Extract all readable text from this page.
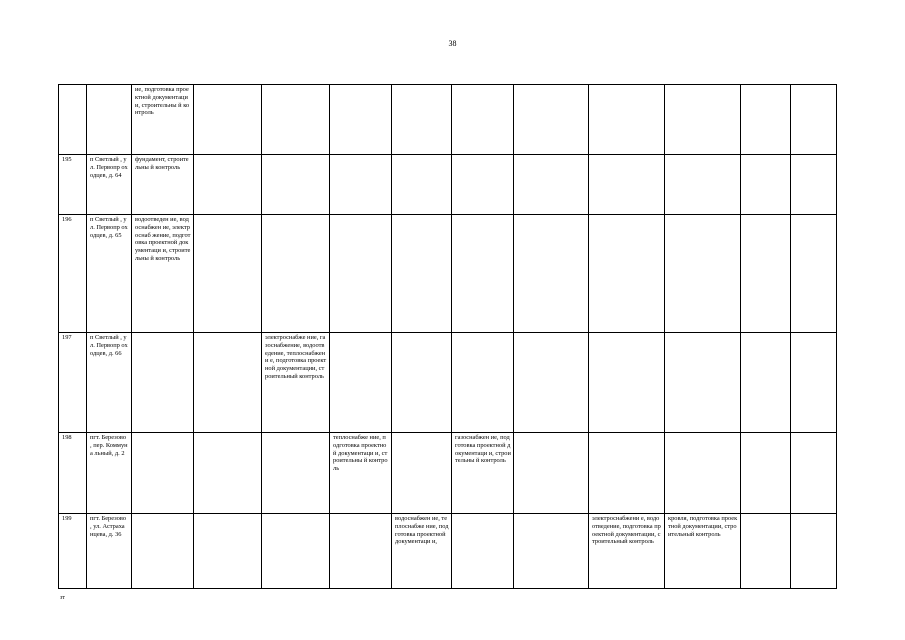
38
		ие, подготовка проектной документаци и, строительны й контроль										
195	п Светлый , ул. Первопр оходцев, д. 64	фундамент, строительны й контроль										
196	п Светлый , ул. Первопр оходцев, д. 65	водоотведен ие, водоснабжен ие, электроснаб жение, подготовка проектной документаци и, строительны й контроль										
197	п Светлый , ул. Первопр оходцев, д. 66			электроснабже ние, газоснабжение, водоотведение, теплоснабжени е, подготовка проектной документации, строительный контроль								
198	пгт. Березово , пер. Коммуна льный, д. 2				теплоснабже ние, подготовка проектной документаци и, строительны й контроль		газоснабжен ие, подготовка проектной документаци и, строительны й контроль					
199	пгт. Березово , ул. Астраха нцева, д. 36					водоснабжен ие, теплоснабже ние, подготовка проектной документаци и,			электроснабжени е, водоотведение, подготовка проектной документации, строительный контроль	кровля, подготовка проектной документации, строительный контроль		
зт
